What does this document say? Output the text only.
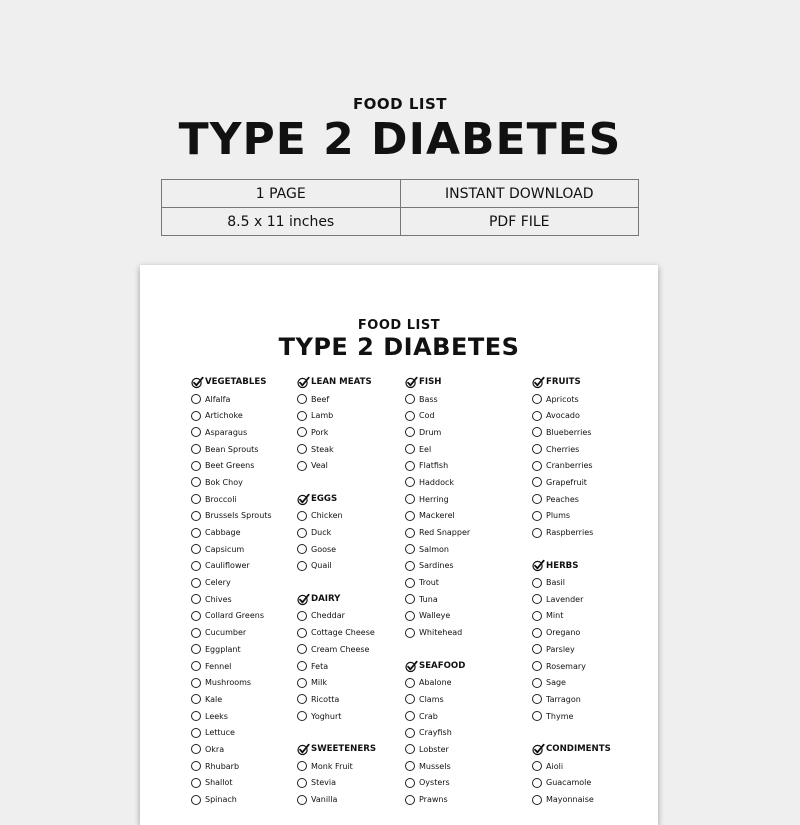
FOOD LIST
TYPE 2 DIABETES
1 PAGE	INSTANT DOWNLOAD
8.5 x 11 inches	PDF FILE
FOOD LIST
TYPE 2 DIABETES
VEGETABLES
Alfalfa
Artichoke
Asparagus
Bean Sprouts
Beet Greens
Bok Choy
Broccoli
Brussels Sprouts
Cabbage
Capsicum
Cauliflower
Celery
Chives
Collard Greens
Cucumber
Eggplant
Fennel
Mushrooms
Kale
Leeks
Lettuce
Okra
Rhubarb
Shallot
Spinach
LEAN MEATS
Beef
Lamb
Pork
Steak
Veal
EGGS
Chicken
Duck
Goose
Quail
DAIRY
Cheddar
Cottage Cheese
Cream Cheese
Feta
Milk
Ricotta
Yoghurt
SWEETENERS
Monk Fruit
Stevia
Vanilla
FISH
Bass
Cod
Drum
Eel
Flatfish
Haddock
Herring
Mackerel
Red Snapper
Salmon
Sardines
Trout
Tuna
Walleye
Whitehead
SEAFOOD
Abalone
Clams
Crab
Crayfish
Lobster
Mussels
Oysters
Prawns
FRUITS
Apricots
Avocado
Blueberries
Cherries
Cranberries
Grapefruit
Peaches
Plums
Raspberries
HERBS
Basil
Lavender
Mint
Oregano
Parsley
Rosemary
Sage
Tarragon
Thyme
CONDIMENTS
Aioli
Guacamole
Mayonnaise
